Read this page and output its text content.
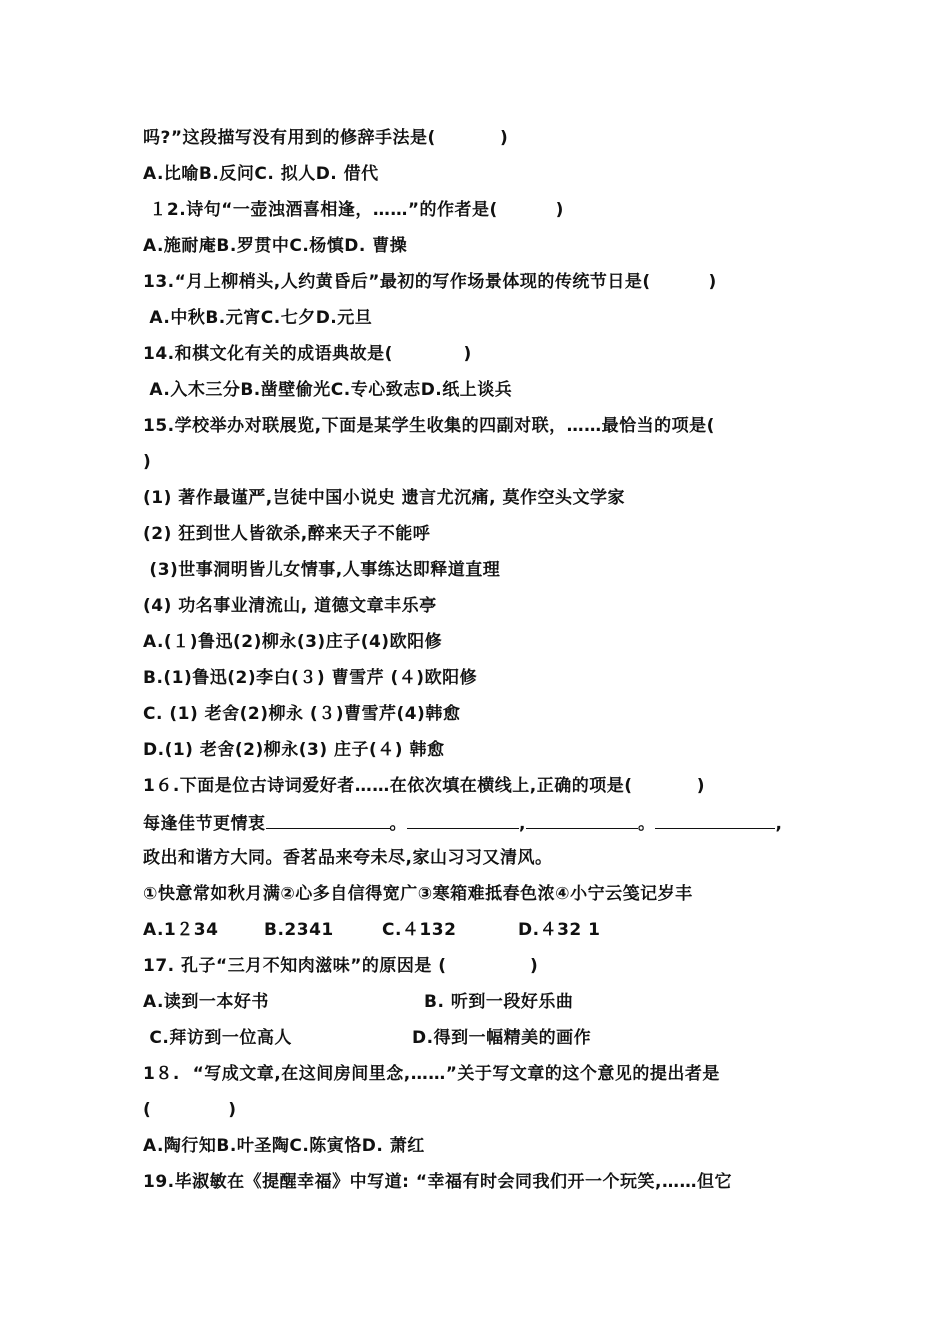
吗?”这段描写没有用到的修辞手法是(          )
A.比喻B.反问C. 拟人D. 借代
１2.诗句“一壶浊酒喜相逢，……”的作者是(         )
A.施耐庵B.罗贯中C.杨慎D. 曹操
13.“月上柳梢头,人约黄昏后”最初的写作场景体现的传统节日是(         )
A.中秋B.元宵C.七夕D.元旦
14.和棋文化有关的成语典故是(           )
A.入木三分B.凿壁偷光C.专心致志D.纸上谈兵
15.学校举办对联展览,下面是某学生收集的四副对联，……最恰当的项是(
)
(1) 著作最谨严,岂徒中国小说史 遗言尤沉痛, 莫作空头文学家
(2) 狂到世人皆欲杀,醉来天子不能呼
(3)世事洞明皆儿女情事,人事练达即释道直理
(4) 功名事业清流山, 道德文章丰乐亭
A.(１)鲁迅(2)柳永(3)庄子(4)欧阳修
B.(1)鲁迅(2)李白(３) 曹雪芹 (４)欧阳修
C. (1) 老舍(2)柳永 (３)曹雪芹(4)韩愈
D.(1) 老舍(2)柳永(3) 庄子(４) 韩愈
1６.下面是位古诗词爱好者……在依次填在横线上,正确的项是(          )
每逢佳节更情衷	。	,	。	,
政出和谐方大同。香茗品来夸未尽,家山习习又清风。
①快意常如秋月满②心多自信得宽广③寒箱难抵春色浓④小宁云笺记岁丰
A.1２34	B.2341	C.４132	D.４32 1
17. 孔子“三月不知肉滋味”的原因是 (             )
A.读到一本好书	B. 听到一段好乐曲
C.拜访到一位高人	D.得到一幅精美的画作
1８.  “写成文章,在这间房间里念,……”关于写文章的这个意见的提出者是
(            )
A.陶行知B.叶圣陶C.陈寅恪D. 萧红
19.毕淑敏在《提醒幸福》中写道: “幸福有时会同我们开一个玩笑,……但它
